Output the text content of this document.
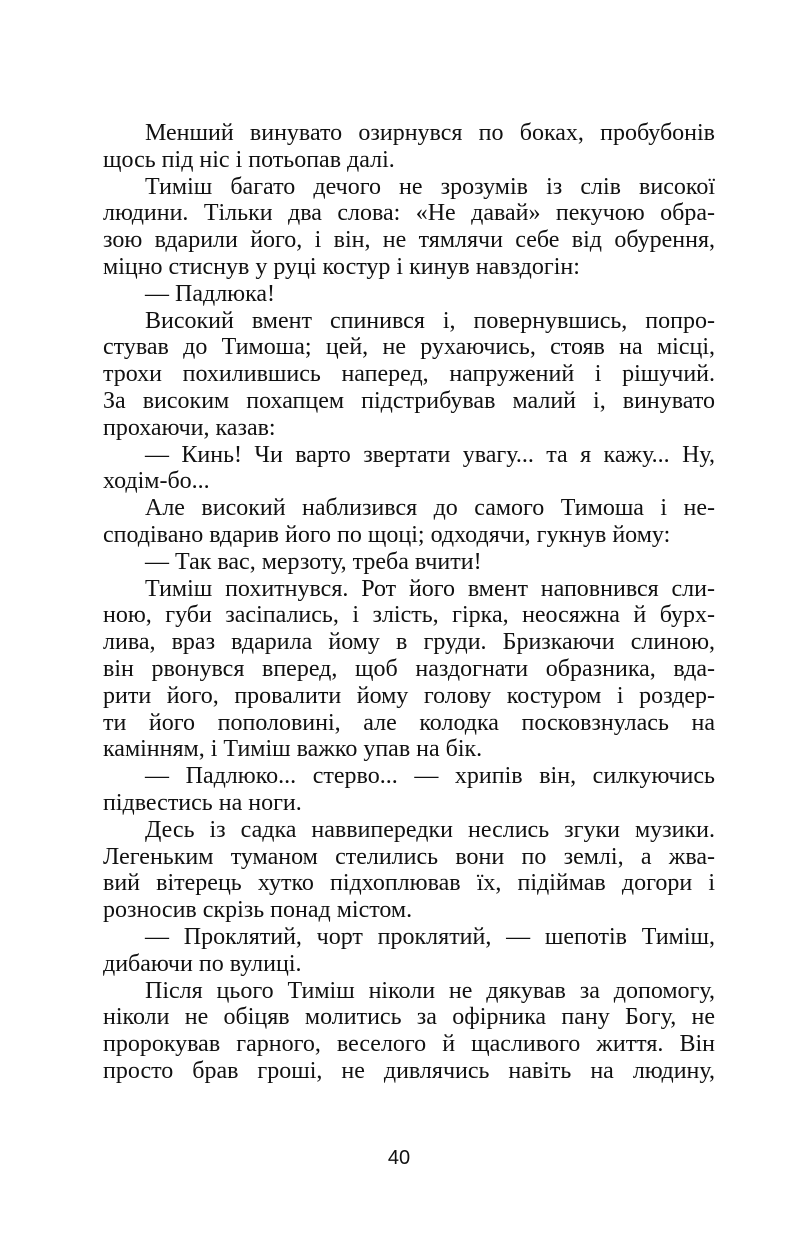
Менший винувато озирнувся по боках, пробубонів
щось під ніс і потьопав далі.
Тиміш багато дечого не зрозумів із слів високої
людини. Тільки два слова: «Не давай» пекучою обра-
зою вдарили його, і він, не тямлячи себе від обурення,
міцно стиснув у руці костур і кинув навздогін:
— Падлюка!
Високий вмент спинився і, повернувшись, попро-
стував до Тимоша; цей, не рухаючись, стояв на місці,
трохи похилившись наперед, напружений і рішучий.
За високим похапцем підстрибував малий і, винувато
прохаючи, казав:
— Кинь! Чи варто звертати увагу... та я кажу... Ну,
ходім-бо...
Але високий наблизився до самого Тимоша і не-
сподівано вдарив його по щоці; одходячи, гукнув йому:
— Так вас, мерзоту, треба вчити!
Тиміш похитнувся. Рот його вмент наповнився сли-
ною, губи засіпались, і злість, гірка, неосяжна й бурх-
лива, враз вдарила йому в груди. Бризкаючи слиною,
він рвонувся вперед, щоб наздогнати образника, вда-
рити його, провалити йому голову костуром і роздер-
ти його пополовині, але колодка посковзнулась на
камінням, і Тиміш важко упав на бік.
— Падлюко... стерво... — хрипів він, силкуючись
підвестись на ноги.
Десь із садка наввипередки неслись згуки музики.
Легеньким туманом стелились вони по землі, а жва-
вий вітерець хутко підхоплював їх, підіймав догори і
розносив скрізь понад містом.
— Проклятий, чорт проклятий, — шепотів Тиміш,
дибаючи по вулиці.
Після цього Тиміш ніколи не дякував за допомогу,
ніколи не обіцяв молитись за офірника пану Богу, не
пророкував гарного, веселого й щасливого життя. Він
просто брав гроші, не дивлячись навіть на людину,
40
